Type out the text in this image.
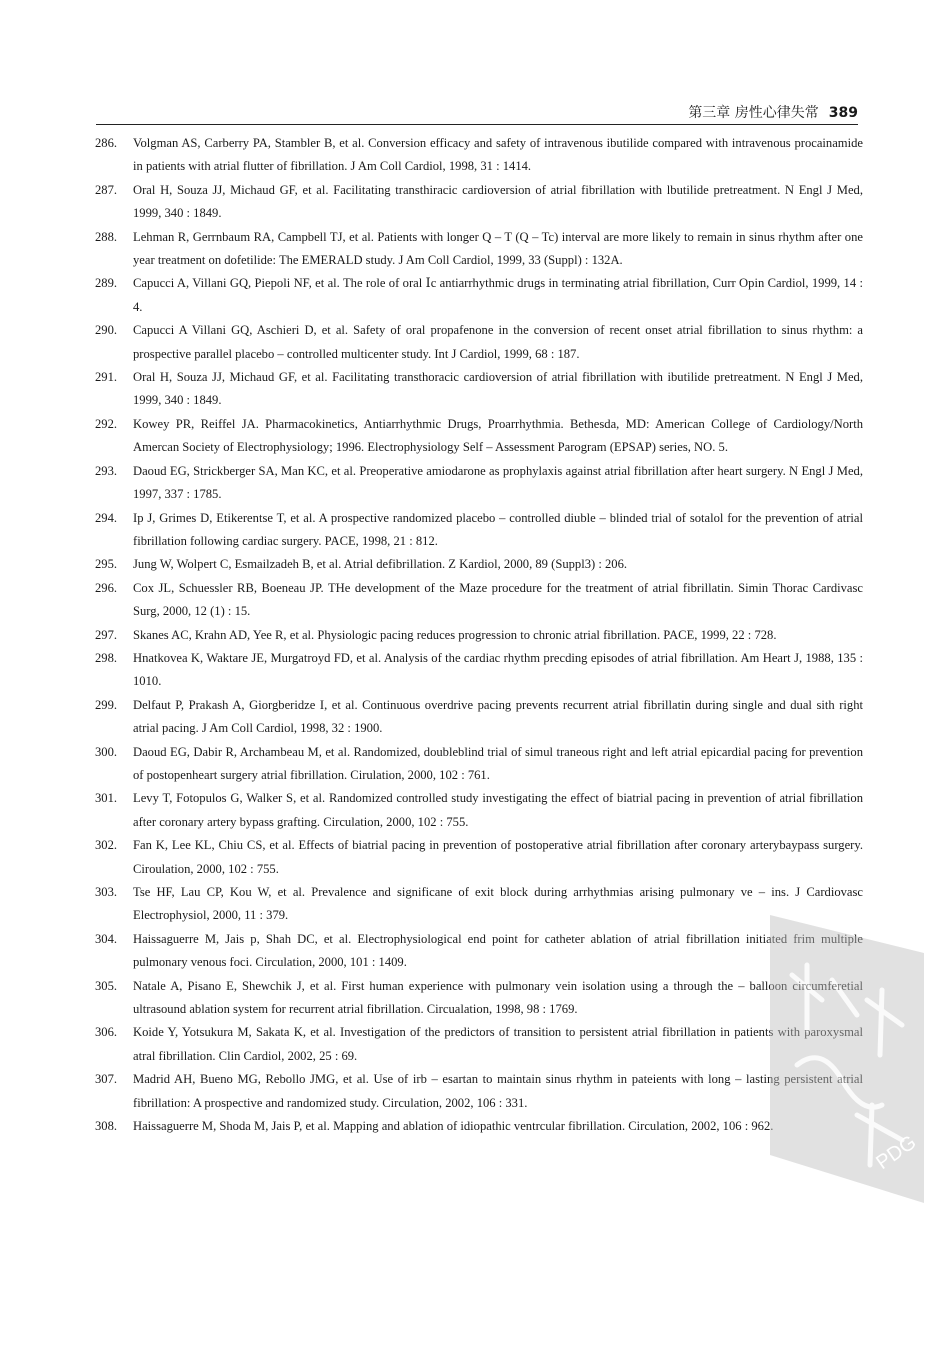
第三章 房性心律失常 389
286.	Volgman AS, Carberry PA, Stambler B, et al. Conversion efficacy and safety of intravenous ibutilide compared with intravenous procainamide in patients with atrial flutter of fibrillation. J Am Coll Cardiol, 1998, 31 : 1414.
287.	Oral H, Souza JJ, Michaud GF, et al. Facilitating transthiracic cardioversion of atrial fibrillation with lbutilide pretreatment. N Engl J Med, 1999, 340 : 1849.
288.	Lehman R, Gerrnbaum RA, Campbell TJ, et al. Patients with longer Q – T (Q – Tc) interval are more likely to remain in sinus rhythm after one year treatment on dofetilide: The EMERALD study. J Am Coll Cardiol, 1999, 33 (Suppl) : 132A.
289.	Capucci A, Villani GQ, Piepoli NF, et al. The role of oral Ⅰc antiarrhythmic drugs in terminating atrial fibrillation, Curr Opin Cardiol, 1999, 14 : 4.
290.	Capucci A Villani GQ, Aschieri D, et al. Safety of oral propafenone in the conversion of recent onset atrial fibrillation to sinus rhythm: a prospective parallel placebo – controlled multicenter study. Int J Cardiol, 1999, 68 : 187.
291.	Oral H, Souza JJ, Michaud GF, et al. Facilitating transthoracic cardioversion of atrial fibrillation with ibutilide pretreatment. N Engl J Med, 1999, 340 : 1849.
292.	Kowey PR, Reiffel JA. Pharmacokinetics, Antiarrhythmic Drugs, Proarrhythmia. Bethesda, MD: American College of Cardiology/North Amercan Society of Electrophysiology; 1996. Electrophysiology Self – Assessment Parogram (EPSAP) series, NO. 5.
293.	Daoud EG, Strickberger SA, Man KC, et al. Preoperative amiodarone as prophylaxis against atrial fibrillation after heart surgery. N Engl J Med, 1997, 337 : 1785.
294.	Ip J, Grimes D, Etikerentse T, et al. A prospective randomized placebo – controlled diuble – blinded trial of sotalol for the prevention of atrial fibrillation following cardiac surgery. PACE, 1998, 21 : 812.
295.	Jung W, Wolpert C, Esmailzadeh B, et al. Atrial defibrillation. Z Kardiol, 2000, 89 (Suppl3) : 206.
296.	Cox JL, Schuessler RB, Boeneau JP. THe development of the Maze procedure for the treatment of atrial fibrillatin. Simin Thorac Cardivasc Surg, 2000, 12 (1) : 15.
297.	Skanes AC, Krahn AD, Yee R, et al. Physiologic pacing reduces progression to chronic atrial fibrillation. PACE, 1999, 22 : 728.
298.	Hnatkovea K, Waktare JE, Murgatroyd FD, et al. Analysis of the cardiac rhythm precding episodes of atrial fibrillation. Am Heart J, 1988, 135 : 1010.
299.	Delfaut P, Prakash A, Giorgberidze I, et al. Continuous overdrive pacing prevents recurrent atrial fibrillatin during single and dual sith right atrial pacing. J Am Coll Cardiol, 1998, 32 : 1900.
300.	Daoud EG, Dabir R, Archambeau M, et al. Randomized, doubleblind trial of simul traneous right and left atrial epicardial pacing for prevention of postopenheart surgery atrial fibrillation. Cirulation, 2000, 102 : 761.
301.	Levy T, Fotopulos G, Walker S, et al. Randomized controlled study investigating the effect of biatrial pacing in prevention of atrial fibrillation after coronary artery bypass grafting. Circulation, 2000, 102 : 755.
302.	Fan K, Lee KL, Chiu CS, et al. Effects of biatrial pacing in prevention of postoperative atrial fibrillation after coronary arterybaypass surgery. Ciroulation, 2000, 102 : 755.
303.	Tse HF, Lau CP, Kou W, et al. Prevalence and significane of exit block during arrhythmias arising pulmonary ve – ins. J Cardiovasc Electrophysiol, 2000, 11 : 379.
304.	Haissaguerre M, Jais p, Shah DC, et al. Electrophysiological end point for catheter ablation of atrial fibrillation initiated frim multiple pulmonary venous foci. Circulation, 2000, 101 : 1409.
305.	Natale A, Pisano E, Shewchik J, et al. First human experience with pulmonary vein isolation using a through the – balloon circumferetial ultrasound ablation system for recurrent atrial fibrillation. Circualation, 1998, 98 : 1769.
306.	Koide Y, Yotsukura M, Sakata K, et al. Investigation of the predictors of transition to persistent atrial fibrillation in patients with paroxysmal atral fibrillation. Clin Cardiol, 2002, 25 : 69.
307.	Madrid AH, Bueno MG, Rebollo JMG, et al. Use of irb – esartan to maintain sinus rhythm in pateients with long – lasting persistent atrial fibrillation: A prospective and randomized study. Circulation, 2002, 106 : 331.
308.	Haissaguerre M, Shoda M, Jais P, et al. Mapping and ablation of idiopathic ventrcular fibrillation. Circulation, 2002, 106 : 962.
PDG
